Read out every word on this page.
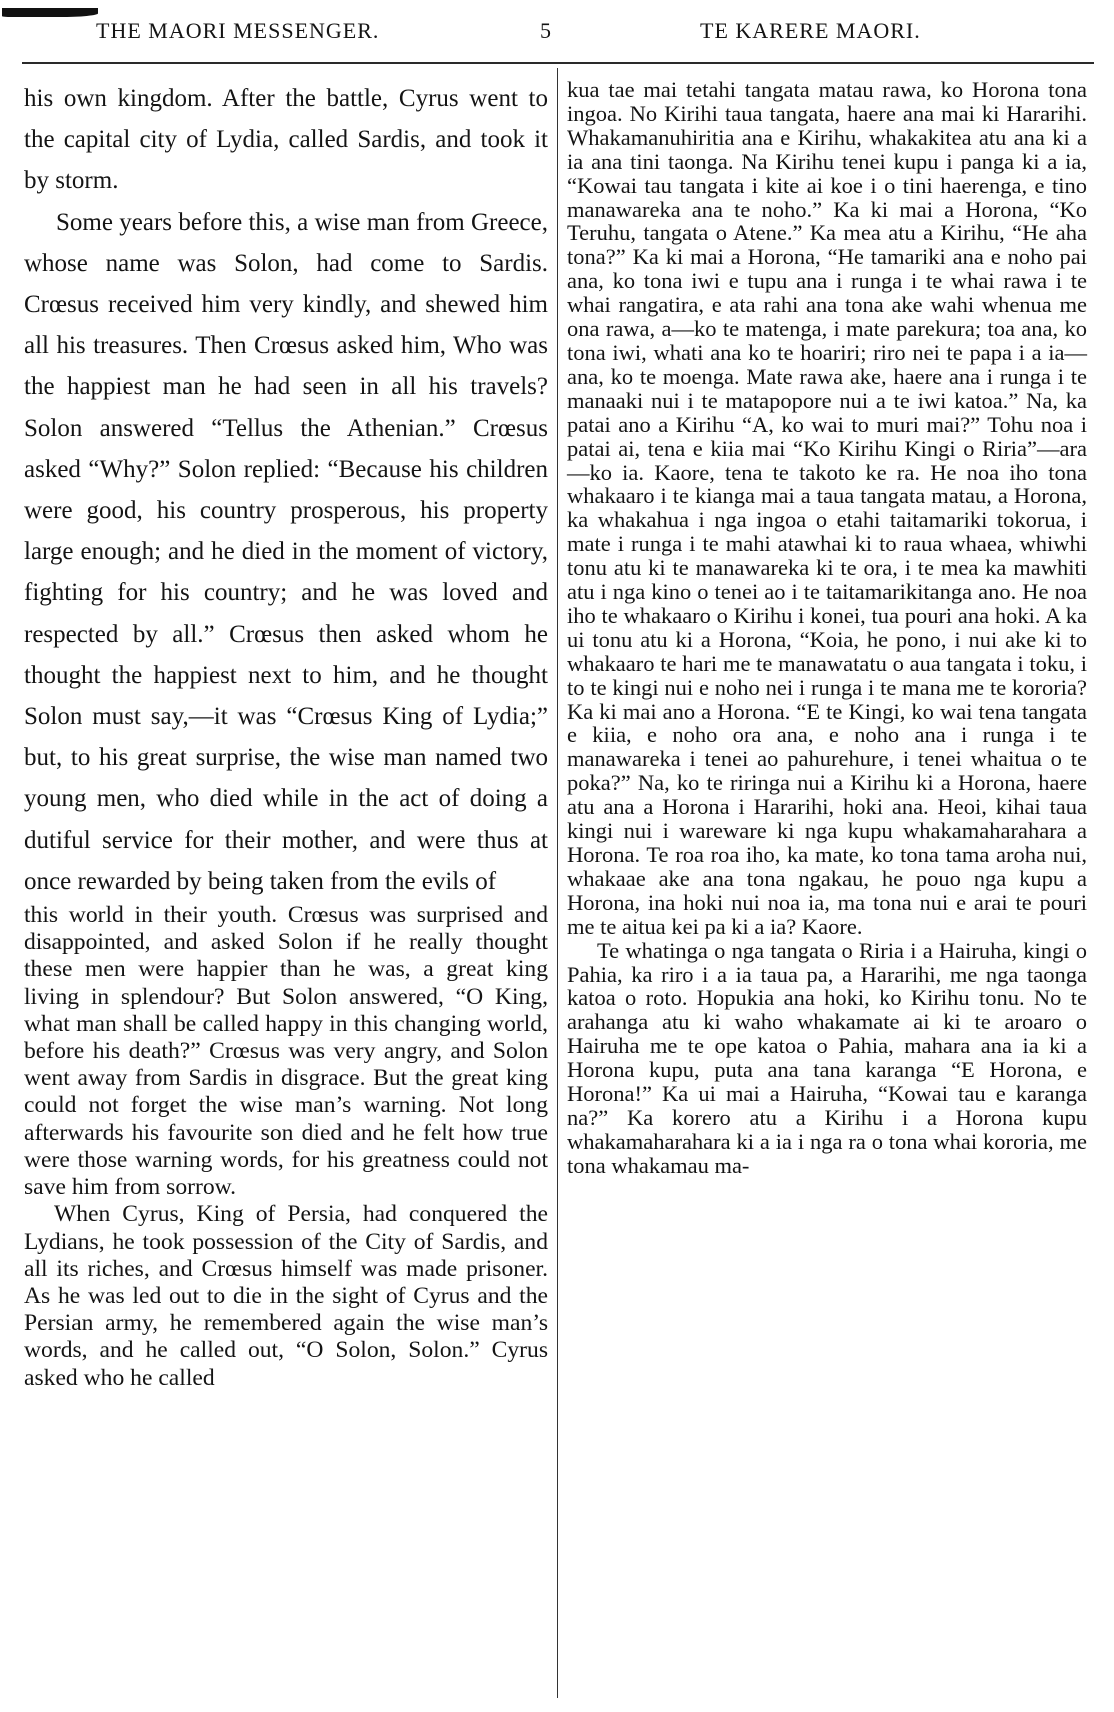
THE MAORI MESSENGER.	5	TE KARERE MAORI.

his own kingdom. After the battle, Cyrus went to the capital city of Lydia, called Sardis, and took it by storm.

Some years before this, a wise man from Greece, whose name was Solon, had come to Sardis. Crœsus received him very kindly, and shewed him all his treasures. Then Crœsus asked him, Who was the happiest man he had seen in all his travels? Solon answered “Tellus the Athenian.” Crœsus asked “Why?” Solon replied: “Because his children were good, his country prosperous, his property large enough; and he died in the moment of victory, fighting for his country; and he was loved and respected by all.” Crœsus then asked whom he thought the happiest next to him, and he thought Solon must say,—it was “Crœsus King of Lydia;” but, to his great surprise, the wise man named two young men, who died while in the act of doing a dutiful service for their mother, and were thus at once rewarded by being taken from the evils of

this world in their youth. Crœsus was surprised and disappointed, and asked Solon if he really thought these men were happier than he was, a great king living in splendour? But Solon answered, “O King, what man shall be called happy in this changing world, before his death?” Crœsus was very angry, and Solon went away from Sardis in disgrace. But the great king could not forget the wise man’s warning. Not long afterwards his favourite son died and he felt how true were those warning words, for his greatness could not save him from sorrow.

When Cyrus, King of Persia, had conquered the Lydians, he took possession of the City of Sardis, and all its riches, and Crœsus himself was made prisoner. As he was led out to die in the sight of Cyrus and the Persian army, he remembered again the wise man’s words, and he called out, “O Solon, Solon.” Cyrus asked who he called

kua tae mai tetahi tangata matau rawa, ko Horona tona ingoa. No Kirihi taua tangata, haere ana mai ki Hararihi. Whakamanuhiritia ana e Kirihu, whakakitea atu ana ki a ia ana tini taonga. Na Kirihu tenei kupu i panga ki a ia, “Kowai tau tangata i kite ai koe i o tini haerenga, e tino manawareka ana te noho.” Ka ki mai a Horona, “Ko Teruhu, tangata o Atene.” Ka mea atu a Kirihu, “He aha tona?” Ka ki mai a Horona, “He tamariki ana e noho pai ana, ko tona iwi e tupu ana i runga i te whai rawa i te whai rangatira, e ata rahi ana tona ake wahi whenua me ona rawa, a—ko te matenga, i mate parekura; toa ana, ko tona iwi, whati ana ko te hoariri; riro nei te papa i a ia—ana, ko te moenga. Mate rawa ake, haere ana i runga i te manaaki nui i te matapopore nui a te iwi katoa.” Na, ka patai ano a Kirihu “A, ko wai to muri mai?” Tohu noa i patai ai, tena e kiia mai “Ko Kirihu Kingi o Riria”—ara—ko ia. Kaore, tena te takoto ke ra. He noa iho tona whakaaro i te kianga mai a taua tangata matau, a Horona, ka whakahua i nga ingoa o etahi taitamariki tokorua, i mate i runga i te mahi atawhai ki to raua whaea, whiwhi tonu atu ki te manawareka ki te ora, i te mea ka mawhiti atu i nga kino o tenei ao i te taitamarikitanga ano. He noa iho te whakaaro o Kirihu i konei, tua pouri ana hoki. A ka ui tonu atu ki a Horona, “Koia, he pono, i nui ake ki to whakaaro te hari me te manawatatu o aua tangata i toku, i to te kingi nui e noho nei i runga i te mana me te kororia? Ka ki mai ano a Horona. “E te Kingi, ko wai tena tangata e kiia, e noho ora ana, e noho ana i runga i te manawareka i tenei ao pahurehure, i tenei whaitua o te poka?” Na, ko te riringa nui a Kirihu ki a Horona, haere atu ana a Horona i Hararihi, hoki ana. Heoi, kihai taua kingi nui i wareware ki nga kupu whakamaharahara a Horona. Te roa roa iho, ka mate, ko tona tama aroha nui, whakaae ake ana tona ngakau, he pouo nga kupu a Horona, ina hoki nui noa ia, ma tona nui e arai te pouri me te aitua kei pa ki a ia? Kaore.

Te whatinga o nga tangata o Riria i a Hairuha, kingi o Pahia, ka riro i a ia taua pa, a Hararihi, me nga taonga katoa o roto. Hopukia ana hoki, ko Kirihu tonu. No te arahanga atu ki waho whakamate ai ki te aroaro o Hairuha me te ope katoa o Pahia, mahara ana ia ki a Horona kupu, puta ana tana karanga “E Horona, e Horona!” Ka ui mai a Hairuha, “Kowai tau e karanga na?” Ka korero atu a Kirihu i a Horona kupu whakamaharahara ki a ia i nga ra o tona whai kororia, me tona whakamau ma-
